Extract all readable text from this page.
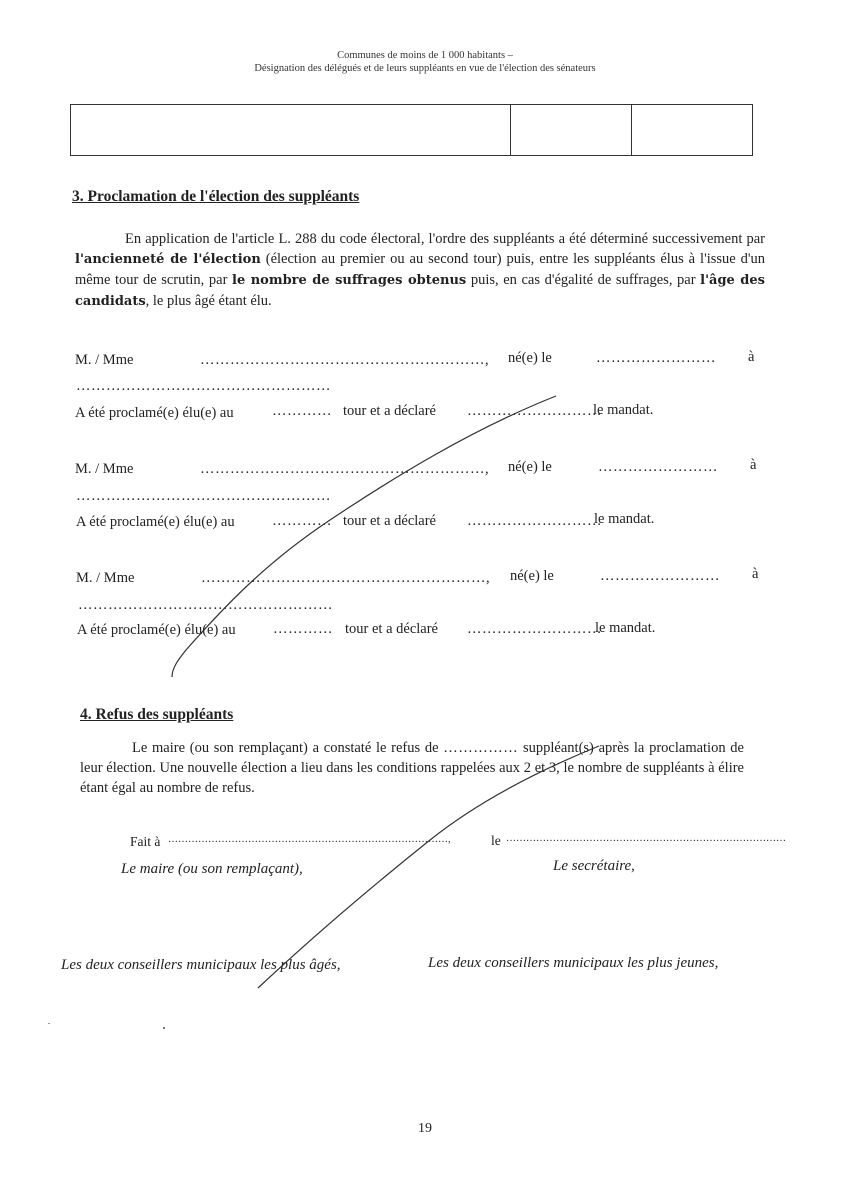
Communes de moins de 1 000 habitants –
Désignation des délégués et de leurs suppléants en vue de l'élection des sénateurs

3. Proclamation de l'élection des suppléants
En application de l'article L. 288 du code électoral, l'ordre des suppléants a été déterminé successivement par l'ancienneté de l'élection (élection au premier ou au second tour) puis, entre les suppléants élus à l'issue d'un même tour de scrutin, par le nombre de suffrages obtenus puis, en cas d'égalité de suffrages, par l'âge des candidats, le plus âgé étant élu.
M. / Mme	…………………………………………………, né(e) le	…………………… à
……………………………………………
A été proclamé(e) élu(e) au	………… tour et a déclaré ………………………
le mandat.
M. / Mme	…………………………………………………, né(e) le	…………………… à
……………………………………………
A été proclamé(e) élu(e) au	………… tour et a déclaré ………………………
le mandat.
M. / Mme	…………………………………………………, né(e) le	…………………… à
……………………………………………
A été proclamé(e) élu(e) au	………… tour et a déclaré ………………………
le mandat.
4. Refus des suppléants
Le maire (ou son remplaçant) a constaté le refus de …………… suppléant(s) après la proclamation de leur élection. Une nouvelle élection a lieu dans les conditions rappelées aux 2 et 3, le nombre de suppléants à élire étant égal au nombre de refus.
Fait à …………………………………………………………………………,	le …………………………………………………………………………
Le maire (ou son remplaçant),	Le secrétaire,
Les deux conseillers municipaux les plus âgés,	Les deux conseillers municipaux les plus jeunes,
19
